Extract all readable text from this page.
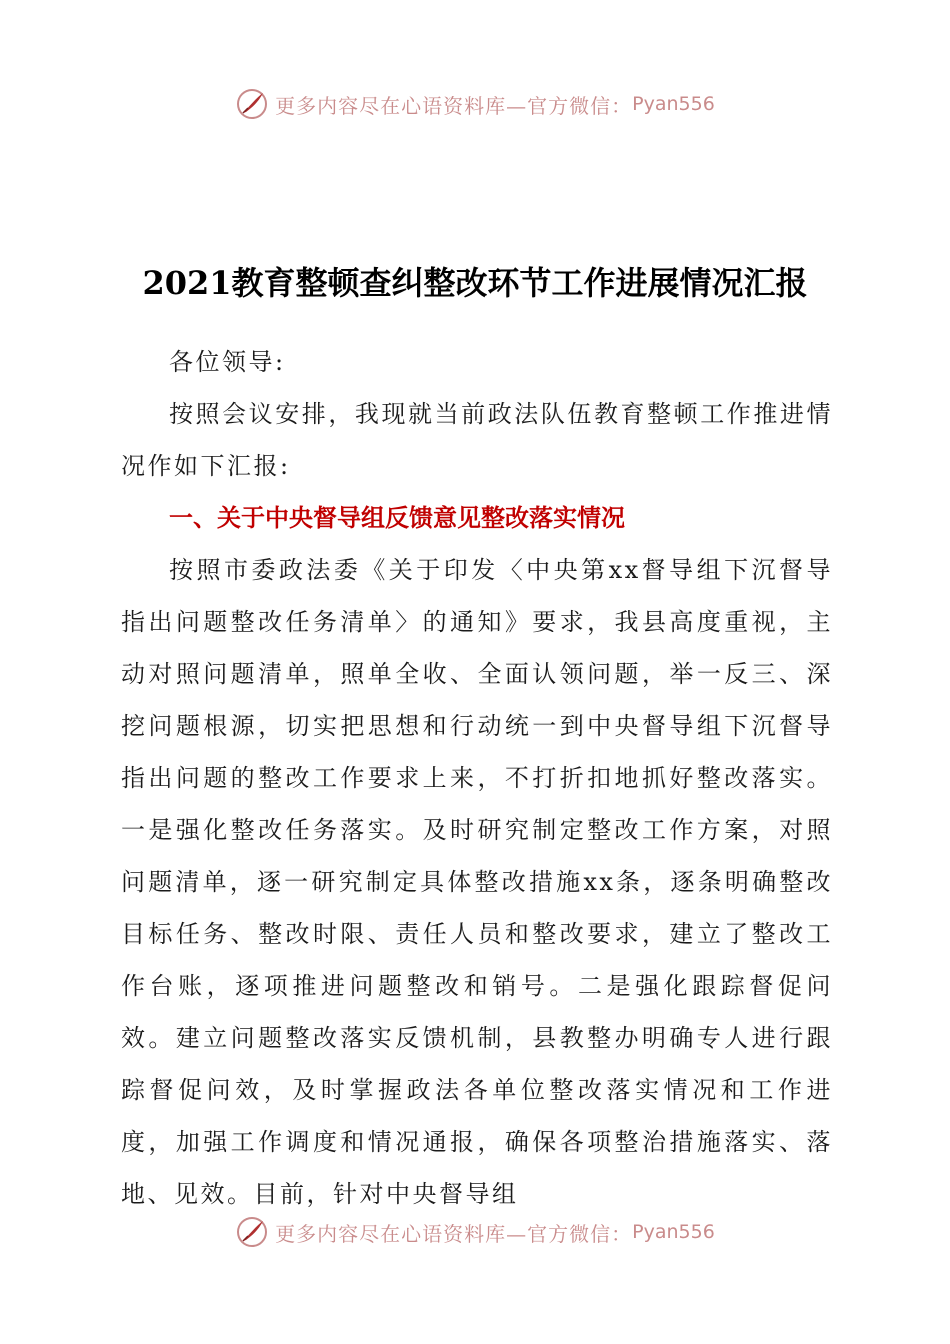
更多内容尽在心语资料库—官方微信： Pyan556
2021教育整顿查纠整改环节工作进展情况汇报

各位领导:

按照会议安排，我现就当前政法队伍教育整顿工作推进情况作如下汇报:

一、关于中央督导组反馈意见整改落实情况

按照市委政法委《关于印发〈中央第xx督导组下沉督导指出问题整改任务清单〉的通知》要求，我县高度重视，主动对照问题清单，照单全收、全面认领问题，举一反三、深挖问题根源，切实把思想和行动统一到中央督导组下沉督导指出问题的整改工作要求上来，不打折扣地抓好整改落实。一是强化整改任务落实。及时研究制定整改工作方案，对照问题清单，逐一研究制定具体整改措施xx条，逐条明确整改目标任务、整改时限、责任人员和整改要求，建立了整改工作台账，逐项推进问题整改和销号。二是强化跟踪督促问效。建立问题整改落实反馈机制，县教整办明确专人进行跟踪督促问效，及时掌握政法各单位整改落实情况和工作进度，加强工作调度和情况通报，确保各项整治措施落实、落地、见效。目前，针对中央督导组

更多内容尽在心语资料库—官方微信： Pyan556
